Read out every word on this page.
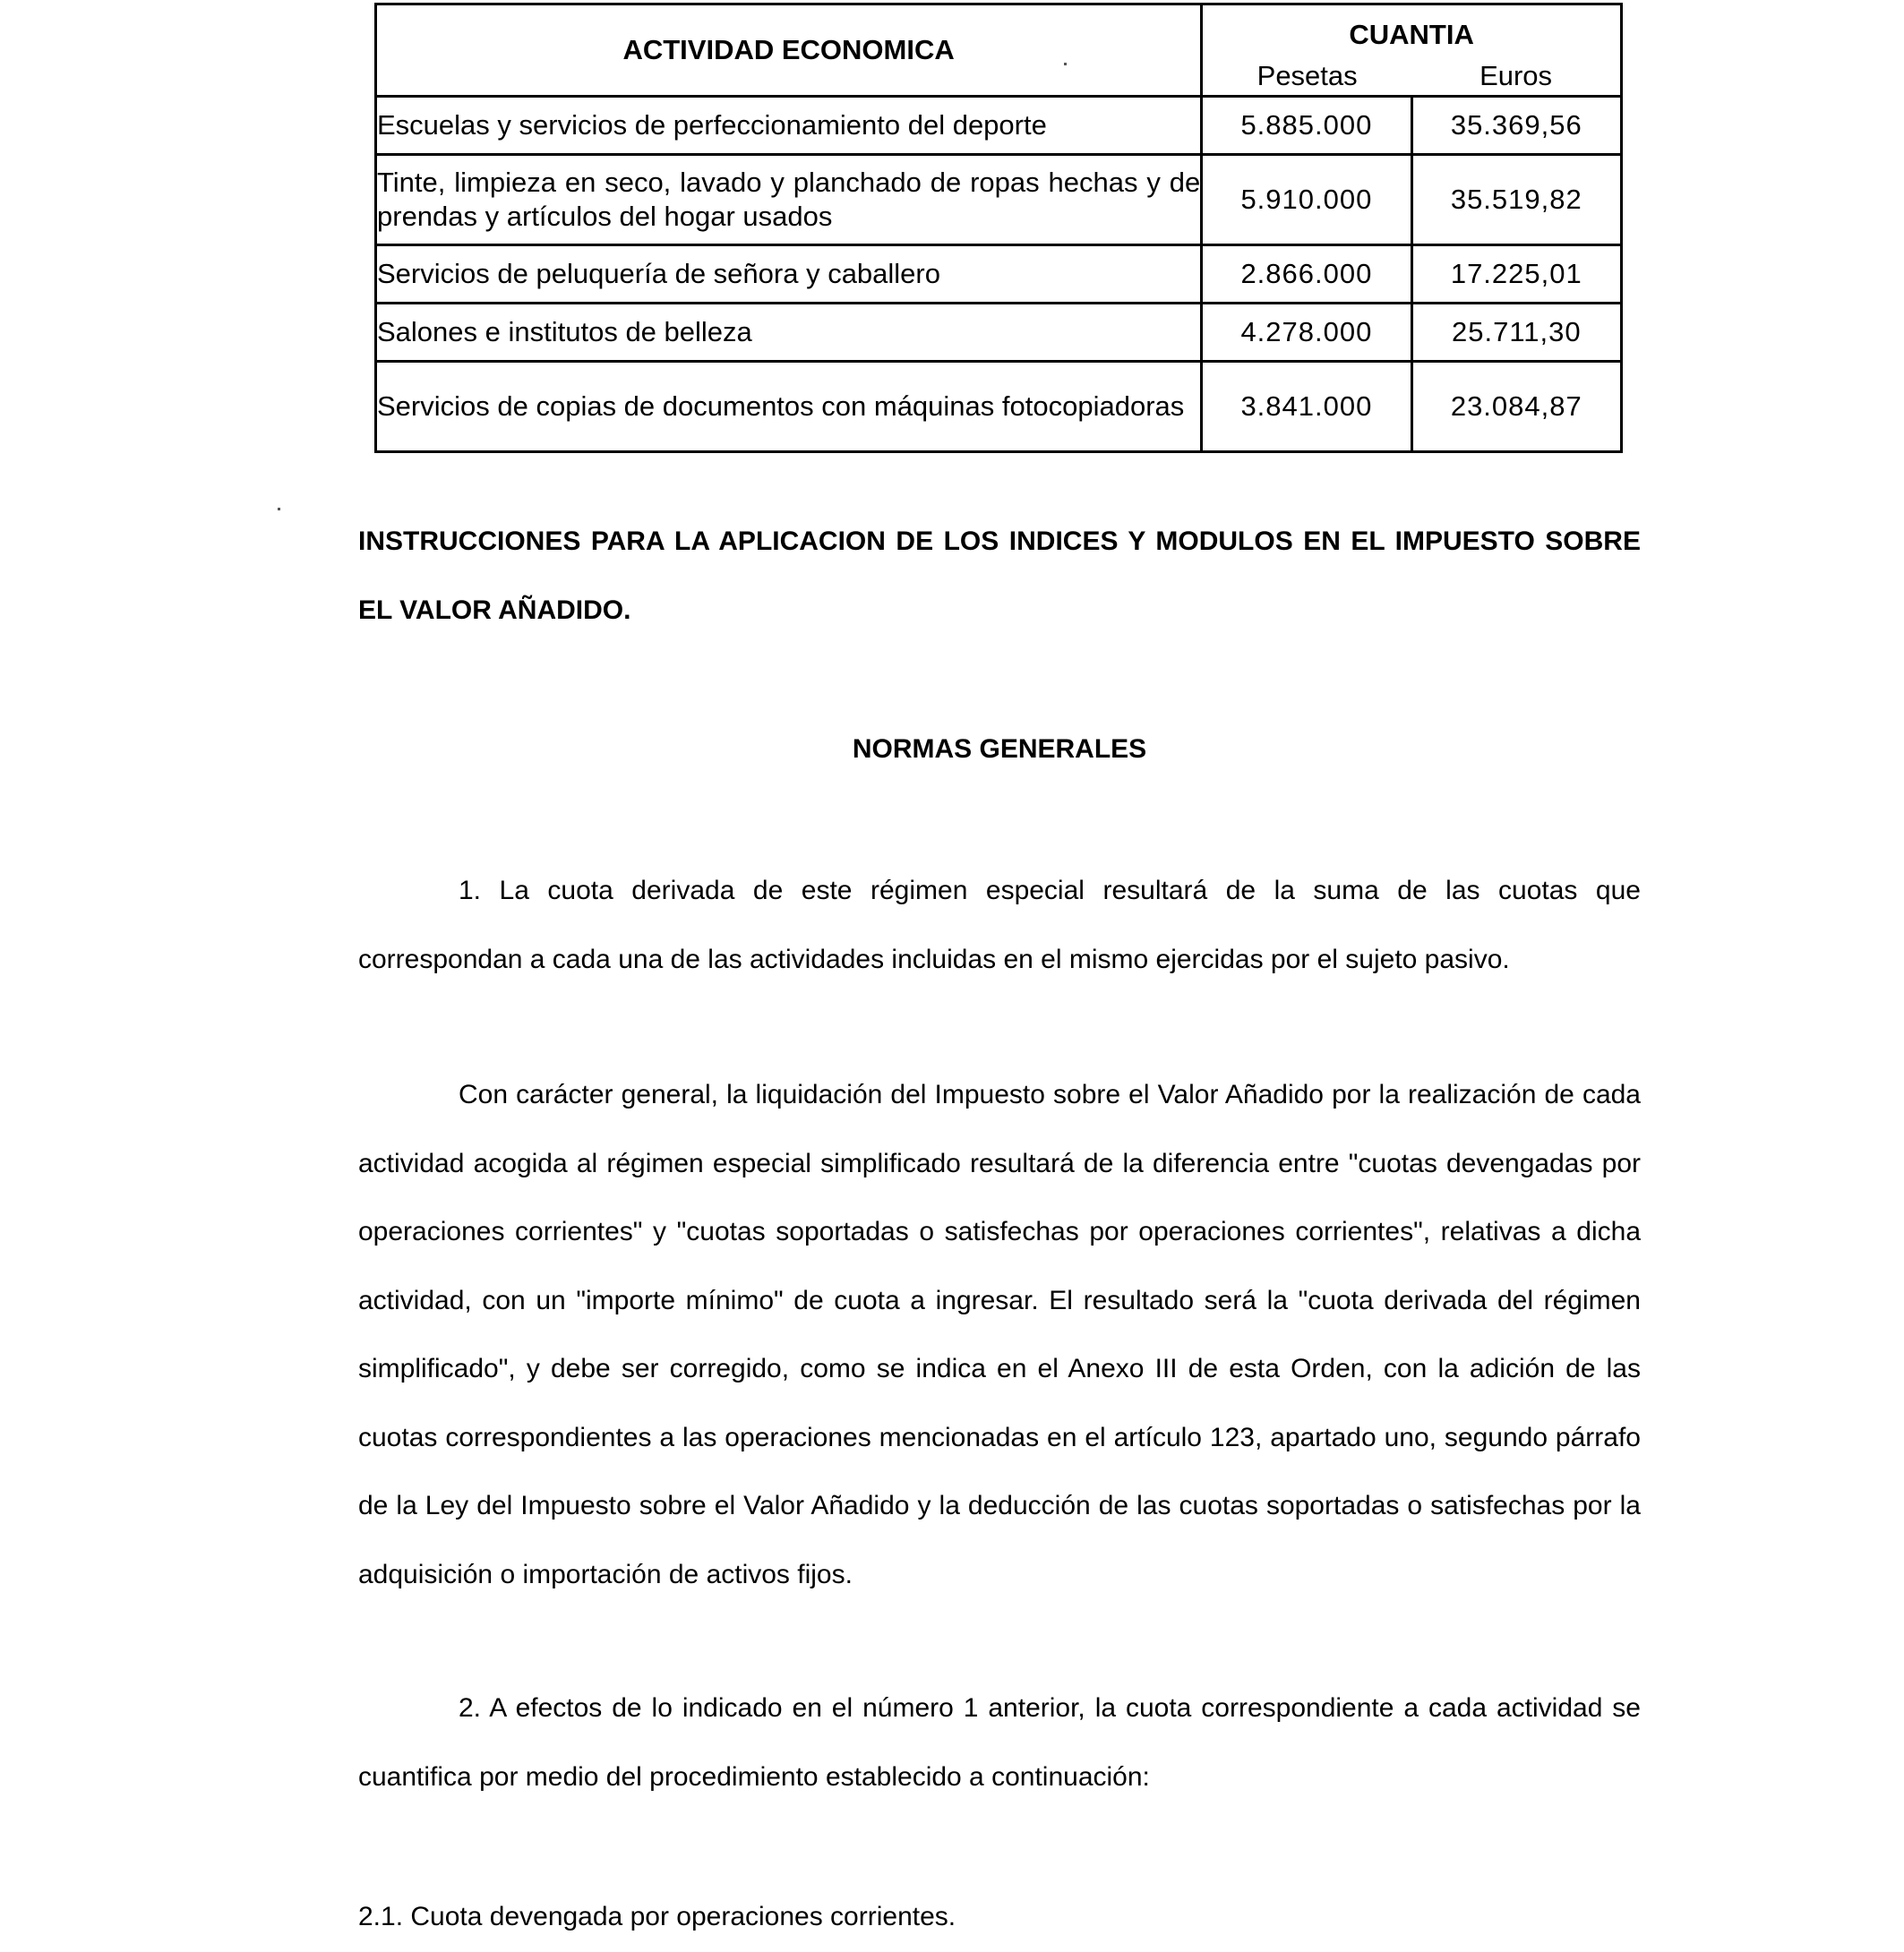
ACTIVIDAD ECONOMICA	CUANTIA
Pesetas Euros	

Escuelas y servicios de perfeccionamiento del deporte	5.885.000	35.369,56
Tinte, limpieza en seco, lavado y planchado de ropas hechas y de prendas y artículos del hogar usados	5.910.000	35.519,82
Servicios de peluquería de señora y caballero	2.866.000	17.225,01
Salones e institutos de belleza	4.278.000	25.711,30
Servicios de copias de documentos con máquinas fotocopiadoras	3.841.000	23.084,87
INSTRUCCIONES PARA LA APLICACION DE LOS INDICES Y MODULOS EN EL IMPUESTO SOBRE
EL VALOR AÑADIDO.
NORMAS GENERALES

1. La cuota derivada de este régimen especial resultará de la suma de las cuotas que correspondan a cada una de las actividades incluidas en el mismo ejercidas por el sujeto pasivo.

Con carácter general, la liquidación del Impuesto sobre el Valor Añadido por la realización de cada actividad acogida al régimen especial simplificado resultará de la diferencia entre "cuotas devengadas por operaciones corrientes" y "cuotas soportadas o satisfechas por operaciones corrientes", relativas a dicha actividad, con un "importe mínimo" de cuota a ingresar. El resultado será la "cuota derivada del régimen simplificado", y debe ser corregido, como se indica en el Anexo III de esta Orden, con la adición de las cuotas correspondientes a las operaciones mencionadas en el artículo 123, apartado uno, segundo párrafo de la Ley del Impuesto sobre el Valor Añadido y la deducción de las cuotas soportadas o satisfechas por la adquisición o importación de activos fijos.

2. A efectos de lo indicado en el número 1 anterior, la cuota correspondiente a cada actividad se cuantifica por medio del procedimiento establecido a continuación:

2.1. Cuota devengada por operaciones corrientes.
